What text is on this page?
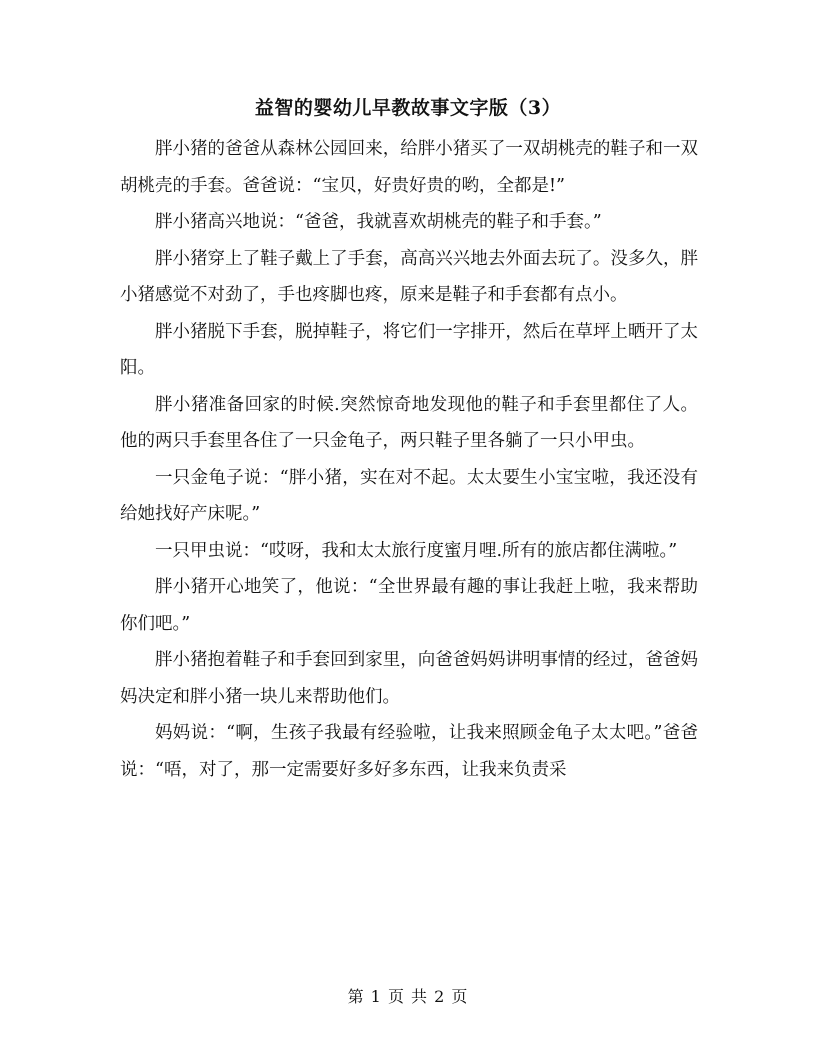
益智的婴幼儿早教故事文字版（3）

胖小猪的爸爸从森林公园回来，给胖小猪买了一双胡桃壳的鞋子和一双胡桃壳的手套。爸爸说：“宝贝，好贵好贵的哟，全都是!”

胖小猪高兴地说：“爸爸，我就喜欢胡桃壳的鞋子和手套。”

胖小猪穿上了鞋子戴上了手套，高高兴兴地去外面去玩了。没多久，胖小猪感觉不对劲了，手也疼脚也疼，原来是鞋子和手套都有点小。

胖小猪脱下手套，脱掉鞋子，将它们一字排开，然后在草坪上晒开了太阳。

胖小猪准备回家的时候.突然惊奇地发现他的鞋子和手套里都住了人。他的两只手套里各住了一只金龟子，两只鞋子里各躺了一只小甲虫。

一只金龟子说：“胖小猪，实在对不起。太太要生小宝宝啦，我还没有给她找好产床呢。”

一只甲虫说：“哎呀，我和太太旅行度蜜月哩.所有的旅店都住满啦。”

胖小猪开心地笑了，他说：“全世界最有趣的事让我赶上啦，我来帮助你们吧。”

胖小猪抱着鞋子和手套回到家里，向爸爸妈妈讲明事情的经过，爸爸妈妈决定和胖小猪一块儿来帮助他们。

妈妈说：“啊，生孩子我最有经验啦，让我来照顾金龟子太太吧。”爸爸说：“唔，对了，那一定需要好多好多东西，让我来负责采

第 1 页 共 2 页
